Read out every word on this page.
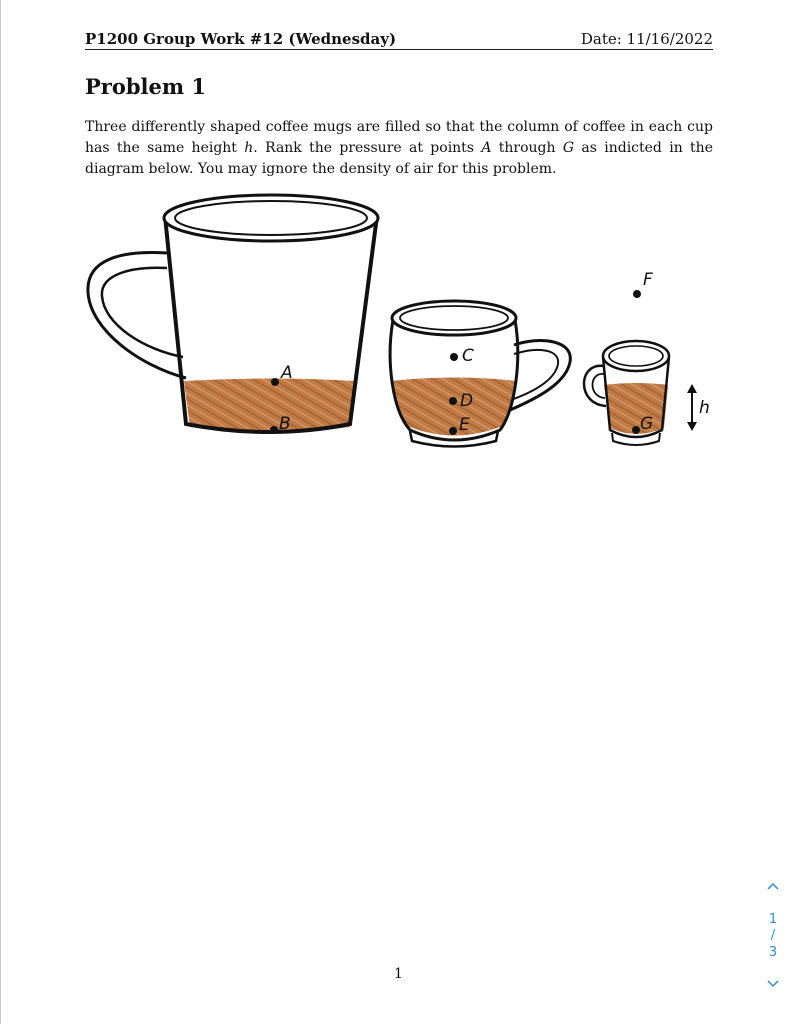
P1200 Group Work #12 (Wednesday)	Date: 11/16/2022
Problem 1
Three differently shaped coffee mugs are filled so that the column of coffee in each cup has the same height h. Rank the pressure at points A through G as indicted in the diagram below. You may ignore the density of air for this problem.
A
B
C
D
E
F
G
h
1
1
/
3
